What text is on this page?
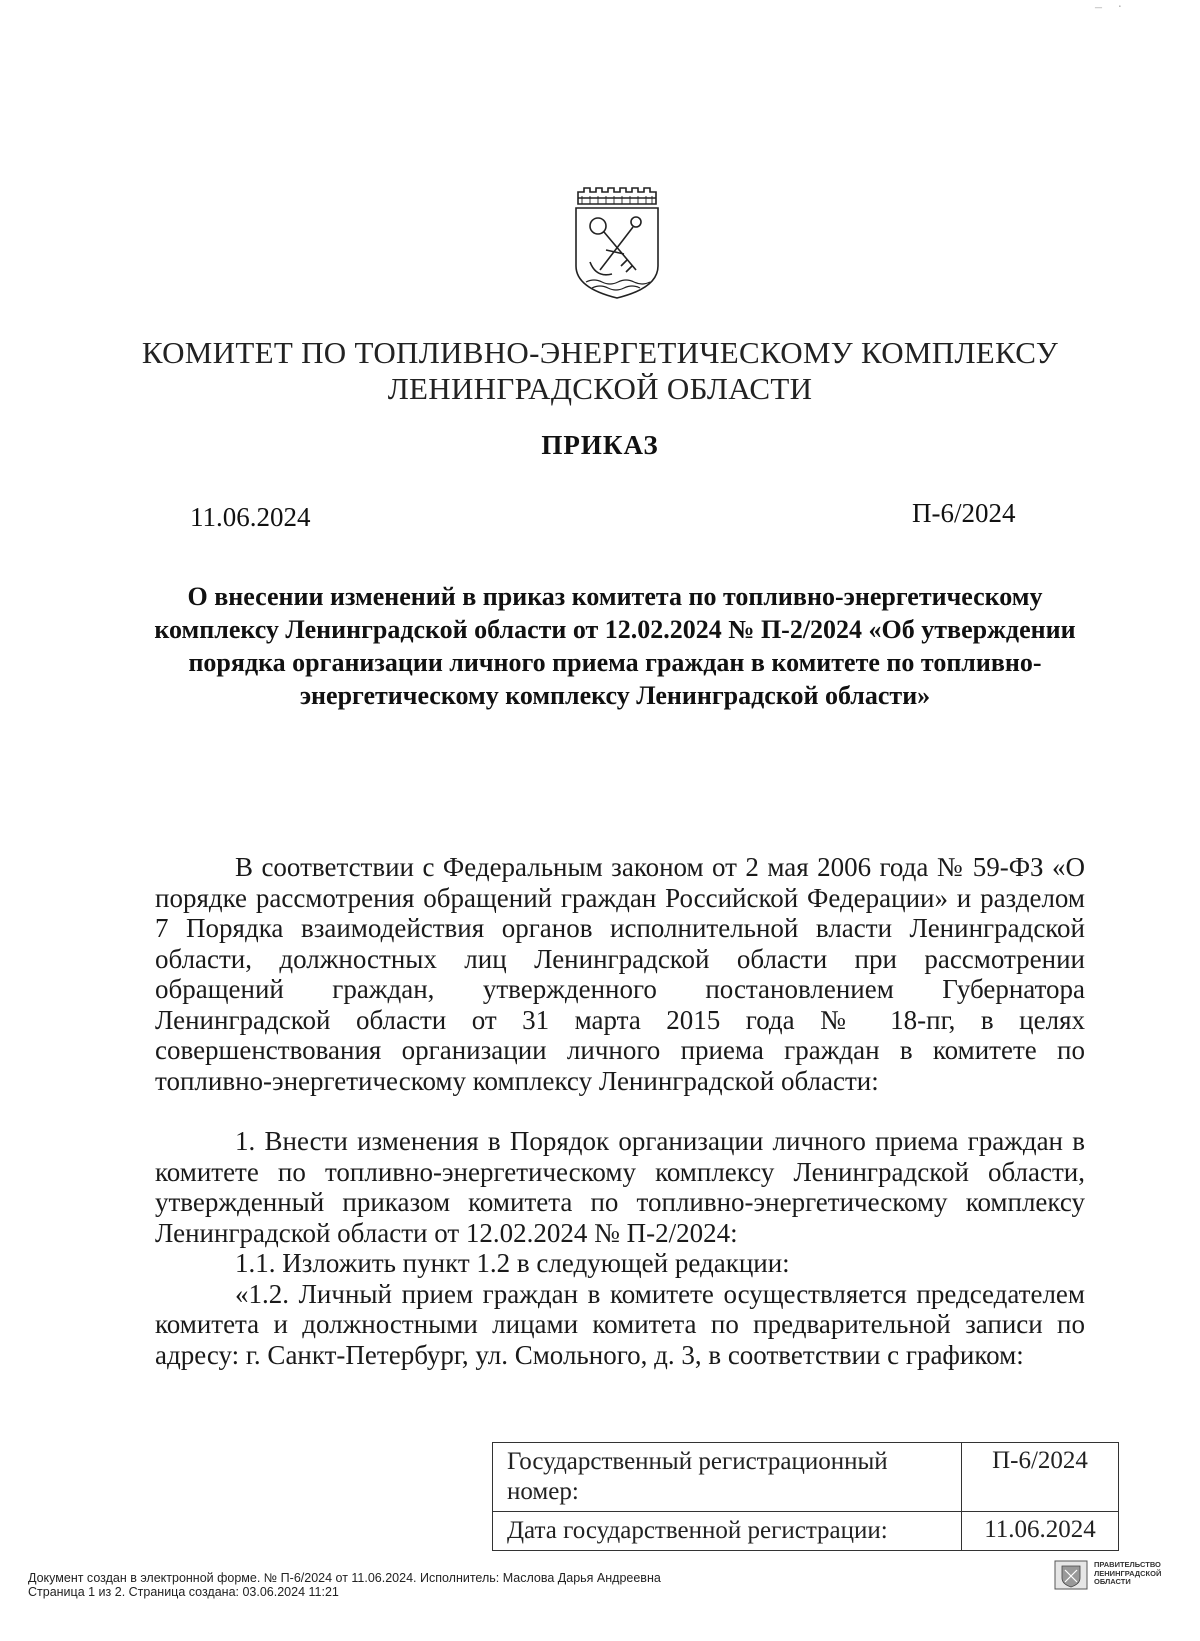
‒ ·
КОМИТЕТ ПО ТОПЛИВНО-ЭНЕРГЕТИЧЕСКОМУ КОМПЛЕКСУ
ЛЕНИНГРАДСКОЙ ОБЛАСТИ
ПРИКАЗ
11.06.2024	П-6/2024
О внесении изменений в приказ комитета по топливно-энергетическому
комплексу Ленинградской области от 12.02.2024 № П-2/2024 «Об утверждении
порядка организации личного приема граждан в комитете по топливно-
энергетическому комплексу Ленинградской области»

В соответствии с Федеральным законом от 2 мая 2006 года № 59-ФЗ «О порядке рассмотрения обращений граждан Российской Федерации» и разделом 7 Порядка взаимодействия органов исполнительной власти Ленинградской области, должностных лиц Ленинградской области при рассмотрении обращений граждан, утвержденного постановлением Губернатора Ленинградской области от 31 марта 2015 года № 18-пг, в целях совершенствования организации личного приема граждан в комитете по топливно-энергетическому комплексу Ленинградской области:

1. Внести изменения в Порядок организации личного приема граждан в комитете по топливно-энергетическому комплексу Ленинградской области, утвержденный приказом комитета по топливно-энергетическому комплексу Ленинградской области от 12.02.2024 № П-2/2024:

1.1. Изложить пункт 1.2 в следующей редакции:

«1.2. Личный прием граждан в комитете осуществляется председателем комитета и должностными лицами комитета по предварительной записи по адресу: г. Санкт-Петербург, ул. Смольного, д. 3, в соответствии с графиком:

Государственный регистрационный номер:	П-6/2024
Дата государственной регистрации:	11.06.2024
Документ создан в электронной форме. № П-6/2024 от 11.06.2024. Исполнитель: Маслова Дарья Андреевна
Страница 1 из 2. Страница создана: 03.06.2024 11:21
ПРАВИТЕЛЬСТВО
ЛЕНИНГРАДСКОЙ
ОБЛАСТИ
